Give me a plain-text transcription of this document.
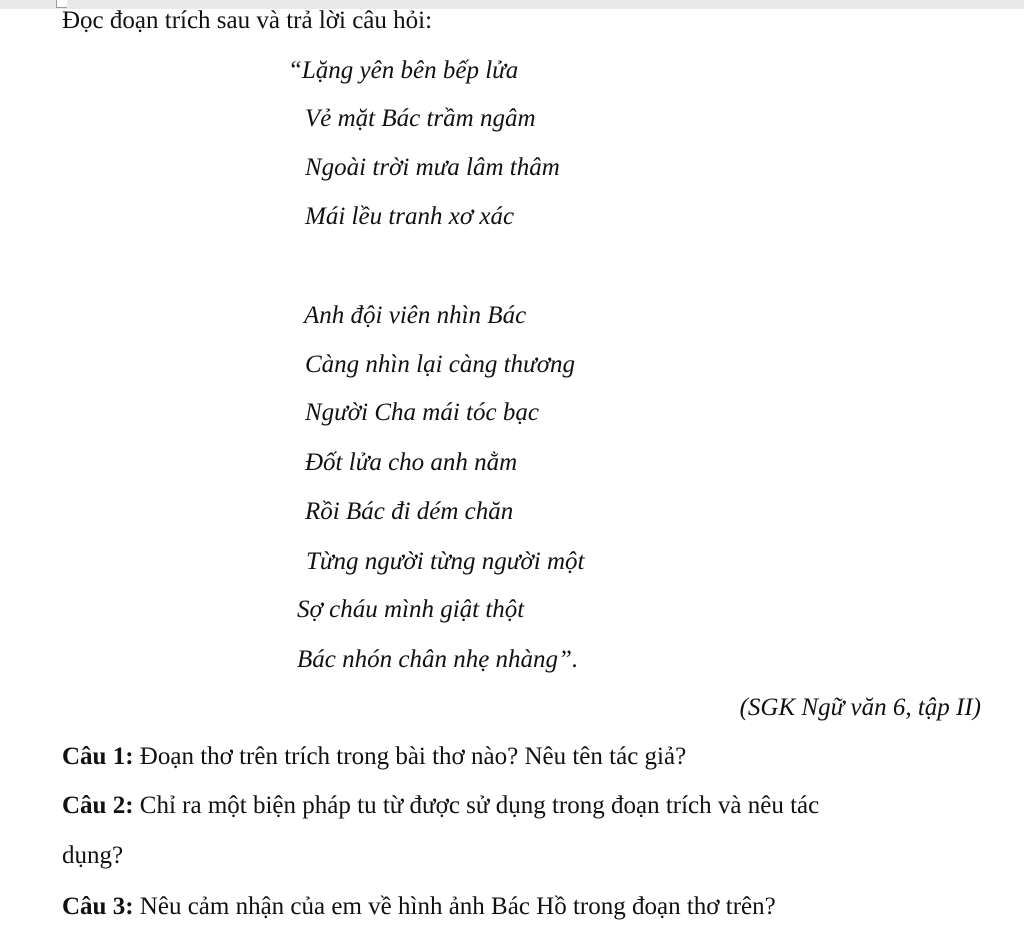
Đọc đoạn trích sau và trả lời câu hỏi:
“Lặng yên bên bếp lửa
Vẻ mặt Bác trầm ngâm
Ngoài trời mưa lâm thâm
Mái lều tranh xơ xác
Anh đội viên nhìn Bác
Càng nhìn lại càng thương
Người Cha mái tóc bạc
Đốt lửa cho anh nằm
Rồi Bác đi dém chăn
Từng người từng người một
Sợ cháu mình giật thột
Bác nhón chân nhẹ nhàng”.
(SGK Ngữ văn 6, tập II)
Câu 1: Đoạn thơ trên trích trong bài thơ nào? Nêu tên tác giả?
Câu 2: Chỉ ra một biện pháp tu từ được sử dụng trong đoạn trích và nêu tác
dụng?
Câu 3: Nêu cảm nhận của em về hình ảnh Bác Hồ trong đoạn thơ trên?
